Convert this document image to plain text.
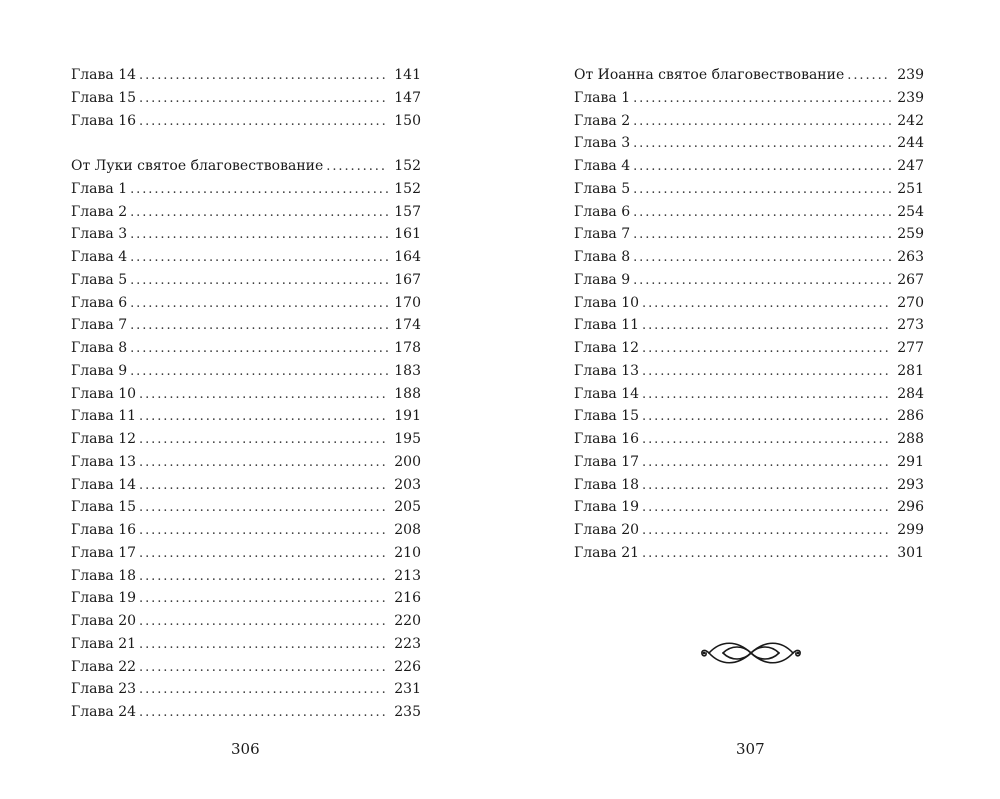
Глава 14 . . .	141
Глава 15 . . .	147
Глава 16 . . .	150
От Луки святое благовествование . . .	152
Глава 1 . . .	152
Глава 2 . . .	157
Глава 3 . . .	161
Глава 4 . . .	164
Глава 5 . . .	167
Глава 6 . . .	170
Глава 7 . . .	174
Глава 8 . . .	178
Глава 9 . . .	183
Глава 10 . . .	188
Глава 11 . . .	191
Глава 12 . . .	195
Глава 13 . . .	200
Глава 14 . . .	203
Глава 15 . . .	205
Глава 16 . . .	208
Глава 17 . . .	210
Глава 18 . . .	213
Глава 19 . . .	216
Глава 20 . . .	220
Глава 21 . . .	223
Глава 22 . . .	226
Глава 23 . . .	231
Глава 24 . . .	235
От Иоанна святое благовествование . . .	239
Глава 1 . . .	239
Глава 2 . . .	242
Глава 3 . . .	244
Глава 4 . . .	247
Глава 5 . . .	251
Глава 6 . . .	254
Глава 7 . . .	259
Глава 8 . . .	263
Глава 9 . . .	267
Глава 10 . . .	270
Глава 11 . . .	273
Глава 12 . . .	277
Глава 13 . . .	281
Глава 14 . . .	284
Глава 15 . . .	286
Глава 16 . . .	288
Глава 17 . . .	291
Глава 18 . . .	293
Глава 19 . . .	296
Глава 20 . . .	299
Глава 21 . . .	301
306	307
